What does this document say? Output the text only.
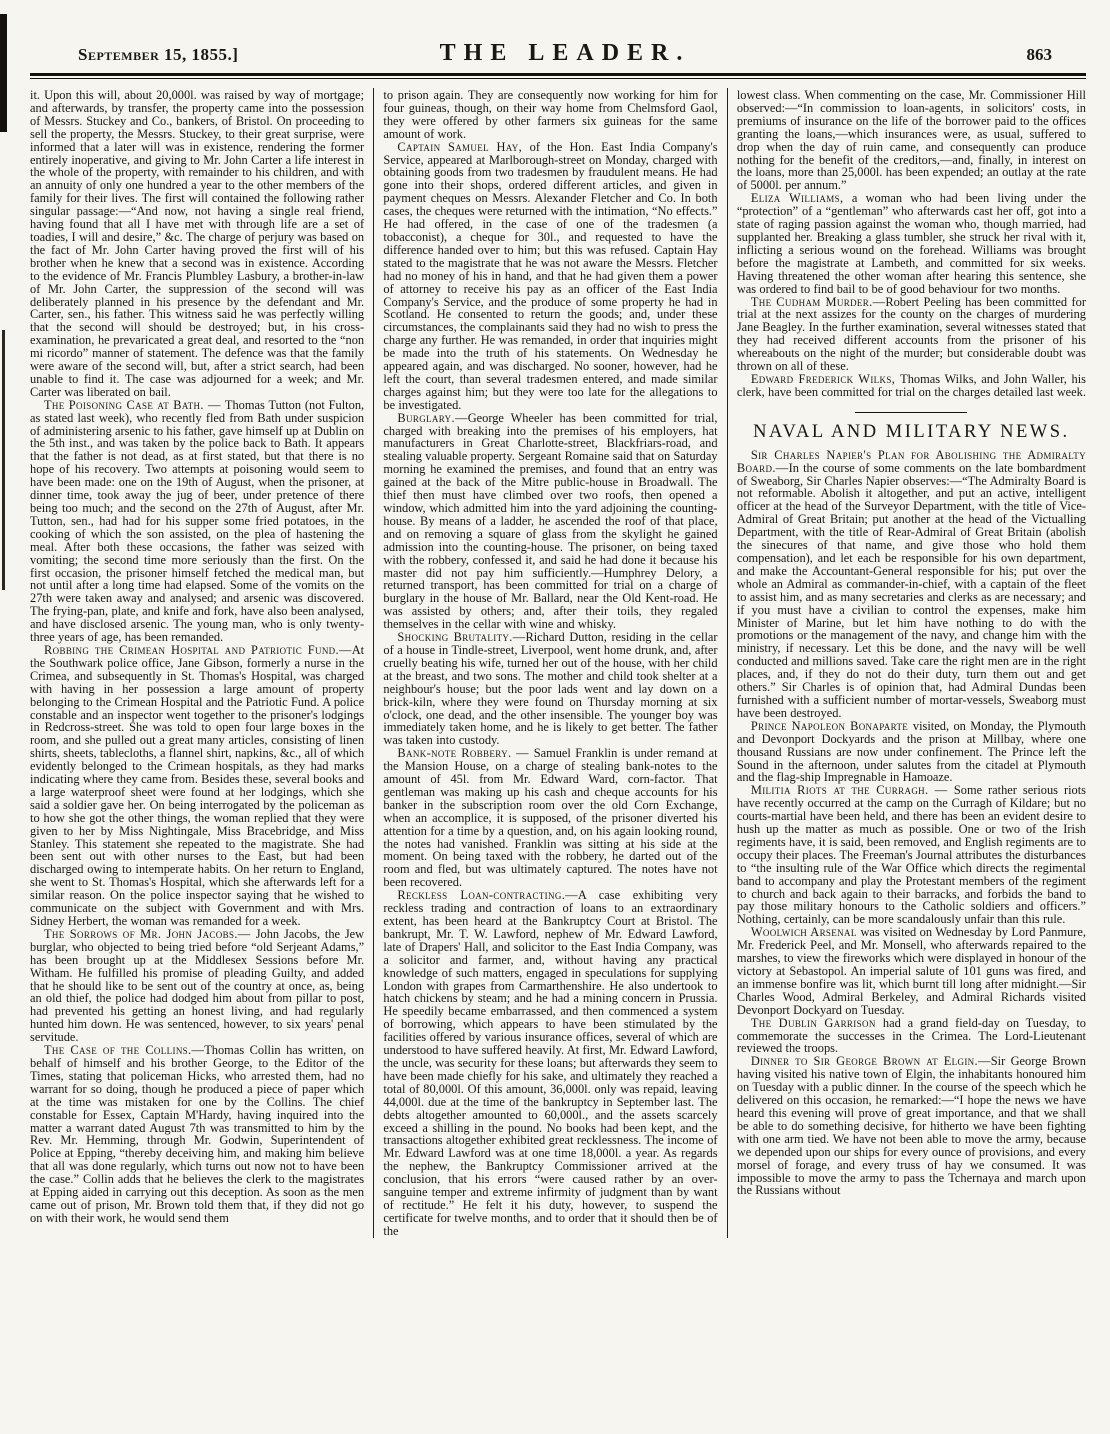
September 15, 1855.]	THE LEADER.	863

it. Upon this will, about 20,000l. was raised by way of mortgage; and afterwards, by transfer, the property came into the possession of Messrs. Stuckey and Co., bankers, of Bristol. On proceeding to sell the property, the Messrs. Stuckey, to their great surprise, were informed that a later will was in existence, rendering the former entirely inoperative, and giving to Mr. John Carter a life interest in the whole of the property, with remainder to his children, and with an annuity of only one hundred a year to the other members of the family for their lives. The first will contained the following rather singular passage:—“And now, not having a single real friend, having found that all I have met with through life are a set of toadies, I will and desire,” &c. The charge of perjury was based on the fact of Mr. John Carter having proved the first will of his brother when he knew that a second was in existence. According to the evidence of Mr. Francis Plumbley Lasbury, a brother-in-law of Mr. John Carter, the suppression of the second will was deliberately planned in his presence by the defendant and Mr. Carter, sen., his father. This witness said he was perfectly willing that the second will should be destroyed; but, in his cross-examination, he prevaricated a great deal, and resorted to the “non mi ricordo” manner of statement. The defence was that the family were aware of the second will, but, after a strict search, had been unable to find it. The case was adjourned for a week; and Mr. Carter was liberated on bail.

The Poisoning Case at Bath. — Thomas Tutton (not Fulton, as stated last week), who recently fled from Bath under suspicion of administering arsenic to his father, gave himself up at Dublin on the 5th inst., and was taken by the police back to Bath. It appears that the father is not dead, as at first stated, but that there is no hope of his recovery. Two attempts at poisoning would seem to have been made: one on the 19th of August, when the prisoner, at dinner time, took away the jug of beer, under pretence of there being too much; and the second on the 27th of August, after Mr. Tutton, sen., had had for his supper some fried potatoes, in the cooking of which the son assisted, on the plea of hastening the meal. After both these occasions, the father was seized with vomiting; the second time more seriously than the first. On the first occasion, the prisoner himself fetched the medical man, but not until after a long time had elapsed. Some of the vomits on the 27th were taken away and analysed; and arsenic was discovered. The frying-pan, plate, and knife and fork, have also been analysed, and have disclosed arsenic. The young man, who is only twenty-three years of age, has been remanded.

Robbing the Crimean Hospital and Patriotic Fund.—At the Southwark police office, Jane Gibson, formerly a nurse in the Crimea, and subsequently in St. Thomas's Hospital, was charged with having in her possession a large amount of property belonging to the Crimean Hospital and the Patriotic Fund. A police constable and an inspector went together to the prisoner's lodgings in Redcross-street. She was told to open four large boxes in the room, and she pulled out a great many articles, consisting of linen shirts, sheets, tablecloths, a flannel shirt, napkins, &c., all of which evidently belonged to the Crimean hospitals, as they had marks indicating where they came from. Besides these, several books and a large waterproof sheet were found at her lodgings, which she said a soldier gave her. On being interrogated by the policeman as to how she got the other things, the woman replied that they were given to her by Miss Nightingale, Miss Bracebridge, and Miss Stanley. This statement she repeated to the magistrate. She had been sent out with other nurses to the East, but had been discharged owing to intemperate habits. On her return to England, she went to St. Thomas's Hospital, which she afterwards left for a similar reason. On the police inspector saying that he wished to communicate on the subject with Government and with Mrs. Sidney Herbert, the woman was remanded for a week.

The Sorrows of Mr. John Jacobs.— John Jacobs, the Jew burglar, who objected to being tried before “old Serjeant Adams,” has been brought up at the Middlesex Sessions before Mr. Witham. He fulfilled his promise of pleading Guilty, and added that he should like to be sent out of the country at once, as, being an old thief, the police had dodged him about from pillar to post, had prevented his getting an honest living, and had regularly hunted him down. He was sentenced, however, to six years' penal servitude.

The Case of the Collins.—Thomas Collin has written, on behalf of himself and his brother George, to the Editor of the Times, stating that policeman Hicks, who arrested them, had no warrant for so doing, though he produced a piece of paper which at the time was mistaken for one by the Collins. The chief constable for Essex, Captain M'Hardy, having inquired into the matter a warrant dated August 7th was transmitted to him by the Rev. Mr. Hemming, through Mr. Godwin, Superintendent of Police at Epping, “thereby deceiving him, and making him believe that all was done regularly, which turns out now not to have been the case.” Collin adds that he believes the clerk to the magistrates at Epping aided in carrying out this deception. As soon as the men came out of prison, Mr. Brown told them that, if they did not go on with their work, he would send them

to prison again. They are consequently now working for him for four guineas, though, on their way home from Chelmsford Gaol, they were offered by other farmers six guineas for the same amount of work.

Captain Samuel Hay, of the Hon. East India Company's Service, appeared at Marlborough-street on Monday, charged with obtaining goods from two tradesmen by fraudulent means. He had gone into their shops, ordered different articles, and given in payment cheques on Messrs. Alexander Fletcher and Co. In both cases, the cheques were returned with the intimation, “No effects.” He had offered, in the case of one of the tradesmen (a tobacconist), a cheque for 30l., and requested to have the difference handed over to him; but this was refused. Captain Hay stated to the magistrate that he was not aware the Messrs. Fletcher had no money of his in hand, and that he had given them a power of attorney to receive his pay as an officer of the East India Company's Service, and the produce of some property he had in Scotland. He consented to return the goods; and, under these circumstances, the complainants said they had no wish to press the charge any further. He was remanded, in order that inquiries might be made into the truth of his statements. On Wednesday he appeared again, and was discharged. No sooner, however, had he left the court, than several tradesmen entered, and made similar charges against him; but they were too late for the allegations to be investigated.

Burglary.—George Wheeler has been committed for trial, charged with breaking into the premises of his employers, hat manufacturers in Great Charlotte-street, Blackfriars-road, and stealing valuable property. Sergeant Romaine said that on Saturday morning he examined the premises, and found that an entry was gained at the back of the Mitre public-house in Broadwall. The thief then must have climbed over two roofs, then opened a window, which admitted him into the yard adjoining the counting-house. By means of a ladder, he ascended the roof of that place, and on removing a square of glass from the skylight he gained admission into the counting-house. The prisoner, on being taxed with the robbery, confessed it, and said he had done it because his master did not pay him sufficiently.—Humphrey Delory, a returned transport, has been committed for trial on a charge of burglary in the house of Mr. Ballard, near the Old Kent-road. He was assisted by others; and, after their toils, they regaled themselves in the cellar with wine and whisky.

Shocking Brutality.—Richard Dutton, residing in the cellar of a house in Tindle-street, Liverpool, went home drunk, and, after cruelly beating his wife, turned her out of the house, with her child at the breast, and two sons. The mother and child took shelter at a neighbour's house; but the poor lads went and lay down on a brick-kiln, where they were found on Thursday morning at six o'clock, one dead, and the other insensible. The younger boy was immediately taken home, and he is likely to get better. The father was taken into custody.

Bank-note Robbery. — Samuel Franklin is under remand at the Mansion House, on a charge of stealing bank-notes to the amount of 45l. from Mr. Edward Ward, corn-factor. That gentleman was making up his cash and cheque accounts for his banker in the subscription room over the old Corn Exchange, when an accomplice, it is supposed, of the prisoner diverted his attention for a time by a question, and, on his again looking round, the notes had vanished. Franklin was sitting at his side at the moment. On being taxed with the robbery, he darted out of the room and fled, but was ultimately captured. The notes have not been recovered.

Reckless Loan-contracting.—A case exhibiting very reckless trading and contraction of loans to an extraordinary extent, has been heard at the Bankruptcy Court at Bristol. The bankrupt, Mr. T. W. Lawford, nephew of Mr. Edward Lawford, late of Drapers' Hall, and solicitor to the East India Company, was a solicitor and farmer, and, without having any practical knowledge of such matters, engaged in speculations for supplying London with grapes from Carmarthenshire. He also undertook to hatch chickens by steam; and he had a mining concern in Prussia. He speedily became embarrassed, and then commenced a system of borrowing, which appears to have been stimulated by the facilities offered by various insurance offices, several of which are understood to have suffered heavily. At first, Mr. Edward Lawford, the uncle, was security for these loans; but afterwards they seem to have been made chiefly for his sake, and ultimately they reached a total of 80,000l. Of this amount, 36,000l. only was repaid, leaving 44,000l. due at the time of the bankruptcy in September last. The debts altogether amounted to 60,000l., and the assets scarcely exceed a shilling in the pound. No books had been kept, and the transactions altogether exhibited great recklessness. The income of Mr. Edward Lawford was at one time 18,000l. a year. As regards the nephew, the Bankruptcy Commissioner arrived at the conclusion, that his errors “were caused rather by an over-sanguine temper and extreme infirmity of judgment than by want of rectitude.” He felt it his duty, however, to suspend the certificate for twelve months, and to order that it should then be of the

lowest class. When commenting on the case, Mr. Commissioner Hill observed:—“In commission to loan-agents, in solicitors' costs, in premiums of insurance on the life of the borrower paid to the offices granting the loans,—which insurances were, as usual, suffered to drop when the day of ruin came, and consequently can produce nothing for the benefit of the creditors,—and, finally, in interest on the loans, more than 25,000l. has been expended; an outlay at the rate of 5000l. per annum.”

Eliza Williams, a woman who had been living under the “protection” of a “gentleman” who afterwards cast her off, got into a state of raging passion against the woman who, though married, had supplanted her. Breaking a glass tumbler, she struck her rival with it, inflicting a serious wound on the forehead. Williams was brought before the magistrate at Lambeth, and committed for six weeks. Having threatened the other woman after hearing this sentence, she was ordered to find bail to be of good behaviour for two months.

The Cudham Murder.—Robert Peeling has been committed for trial at the next assizes for the county on the charges of murdering Jane Beagley. In the further examination, several witnesses stated that they had received different accounts from the prisoner of his whereabouts on the night of the murder; but considerable doubt was thrown on all of these.

Edward Frederick Wilks, Thomas Wilks, and John Waller, his clerk, have been committed for trial on the charges detailed last week.

NAVAL AND MILITARY NEWS.

Sir Charles Napier's Plan for Abolishing the Admiralty Board.—In the course of some comments on the late bombardment of Sweaborg, Sir Charles Napier observes:—“The Admiralty Board is not reformable. Abolish it altogether, and put an active, intelligent officer at the head of the Surveyor Department, with the title of Vice-Admiral of Great Britain; put another at the head of the Victualling Department, with the title of Rear-Admiral of Great Britain (abolish the sinecures of that name, and give those who hold them compensation), and let each be responsible for his own department, and make the Accountant-General responsible for his; put over the whole an Admiral as commander-in-chief, with a captain of the fleet to assist him, and as many secretaries and clerks as are necessary; and if you must have a civilian to control the expenses, make him Minister of Marine, but let him have nothing to do with the promotions or the management of the navy, and change him with the ministry, if necessary. Let this be done, and the navy will be well conducted and millions saved. Take care the right men are in the right places, and, if they do not do their duty, turn them out and get others.” Sir Charles is of opinion that, had Admiral Dundas been furnished with a sufficient number of mortar-vessels, Sweaborg must have been destroyed.

Prince Napoleon Bonaparte visited, on Monday, the Plymouth and Devonport Dockyards and the prison at Millbay, where one thousand Russians are now under confinement. The Prince left the Sound in the afternoon, under salutes from the citadel at Plymouth and the flag-ship Impregnable in Hamoaze.

Militia Riots at the Curragh. — Some rather serious riots have recently occurred at the camp on the Curragh of Kildare; but no courts-martial have been held, and there has been an evident desire to hush up the matter as much as possible. One or two of the Irish regiments have, it is said, been removed, and English regiments are to occupy their places. The Freeman's Journal attributes the disturbances to “the insulting rule of the War Office which directs the regimental band to accompany and play the Protestant members of the regiment to church and back again to their barracks, and forbids the band to pay those military honours to the Catholic soldiers and officers.” Nothing, certainly, can be more scandalously unfair than this rule.

Woolwich Arsenal was visited on Wednesday by Lord Panmure, Mr. Frederick Peel, and Mr. Monsell, who afterwards repaired to the marshes, to view the fireworks which were displayed in honour of the victory at Sebastopol. An imperial salute of 101 guns was fired, and an immense bonfire was lit, which burnt till long after midnight.—Sir Charles Wood, Admiral Berkeley, and Admiral Richards visited Devonport Dockyard on Tuesday.

The Dublin Garrison had a grand field-day on Tuesday, to commemorate the successes in the Crimea. The Lord-Lieutenant reviewed the troops.

Dinner to Sir George Brown at Elgin.—Sir George Brown having visited his native town of Elgin, the inhabitants honoured him on Tuesday with a public dinner. In the course of the speech which he delivered on this occasion, he remarked:—“I hope the news we have heard this evening will prove of great importance, and that we shall be able to do something decisive, for hitherto we have been fighting with one arm tied. We have not been able to move the army, because we depended upon our ships for every ounce of provisions, and every morsel of forage, and every truss of hay we consumed. It was impossible to move the army to pass the Tchernaya and march upon the Russians without
